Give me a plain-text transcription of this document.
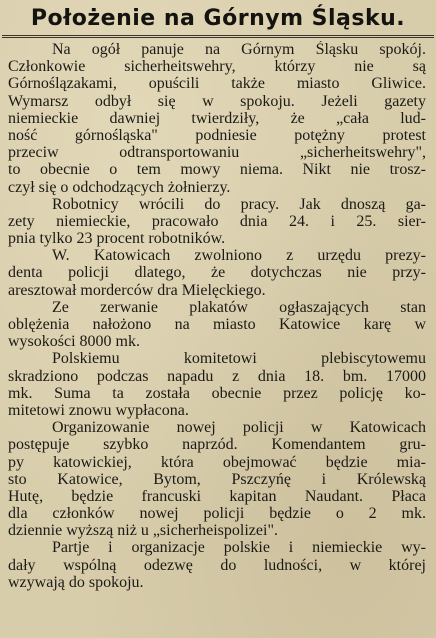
Położenie na Górnym Śląsku.
Na ogół panuje na Górnym Śląsku spokój.
Członkowie sicherheitswehry, którzy nie są
Górnoślązakami, opuścili także miasto Gliwice.
Wymarsz odbył się w spokoju. Jeżeli gazety
niemieckie dawniej twierdziły, że „cała lud-
ność górnośląska" podniesie potężny protest
przeciw odtransportowaniu „sicherheitswehry",
to obecnie o tem mowy niema. Nikt nie trosz-
czył się o odchodzących żołnierzy.
Robotnicy wrócili do pracy. Jak dnoszą ga-
zety niemieckie, pracowało dnia 24. i 25. sier-
pnia tylko 23 procent robotników.
W. Katowicach zwolniono z urzędu prezy-
denta policji dlatego, że dotychczas nie przy-
aresztował morderców dra Mielęckiego.
Ze zerwanie plakatów ogłaszających stan
oblężenia nałożono na miasto Katowice karę w
wysokości 8000 mk.
Polskiemu komitetowi plebiscytowemu
skradziono podczas napadu z dnia 18. bm. 17000
mk. Suma ta została obecnie przez policję ko-
mitetowi znowu wypłacona.
Organizowanie nowej policji w Katowicach
postępuje szybko naprzód. Komendantem gru-
py katowickiej, która obejmować będzie mia-
sto Katowice, Bytom, Pszczyńę i Królewską
Hutę, będzie francuski kapitan Naudant. Płaca
dla członków nowej policji będzie o 2 mk.
dziennie wyższą niż u „sicherheispolizei".
Partje i organizacje polskie i niemieckie wy-
dały wspólną odezwę do ludności, w której
wzywają do spokoju.
